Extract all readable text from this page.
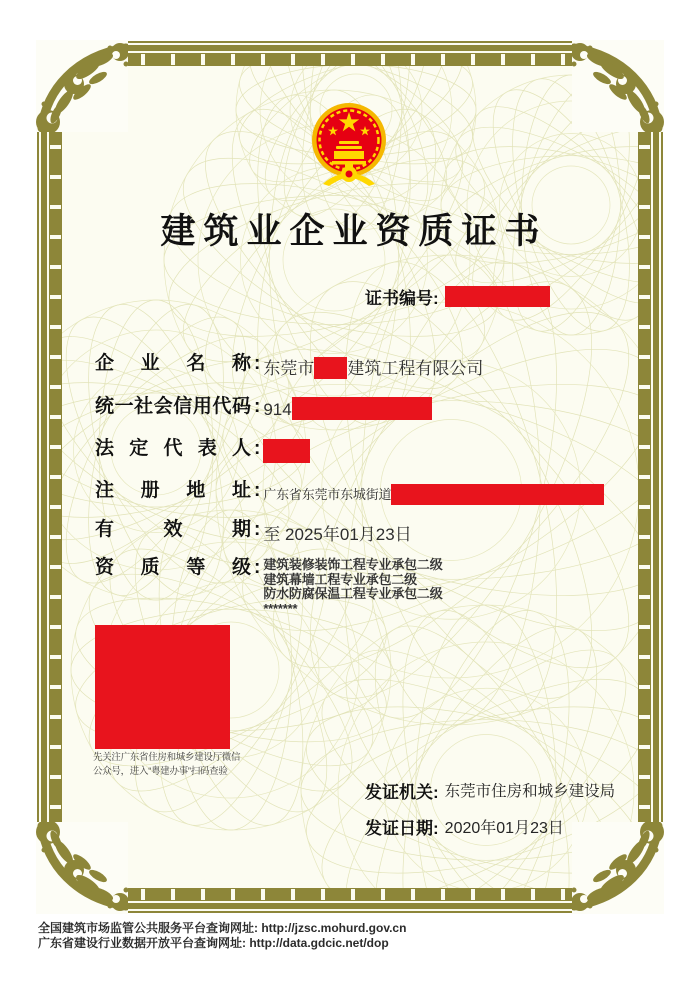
建筑业企业资质证书
证书编号:
企业名称 : 东莞市 建筑工程有限公司
统一社会信用代码 : 914
法定代表人 :
注册地址 : 广东省东莞市东城街道
有效期 : 至 2025年01月23日
资质等级 : 建筑装修装饰工程专业承包二级
建筑幕墙工程专业承包二级
防水防腐保温工程专业承包二级
*******
先关注广东省住房和城乡建设厅微信
公众号，进入“粤建办事”扫码查验
发证机关: 东莞市住房和城乡建设局
发证日期: 2020年01月23日
全国建筑市场监管公共服务平台查询网址: http://jzsc.mohurd.gov.cn
广东省建设行业数据开放平台查询网址: http://data.gdcic.net/dop
